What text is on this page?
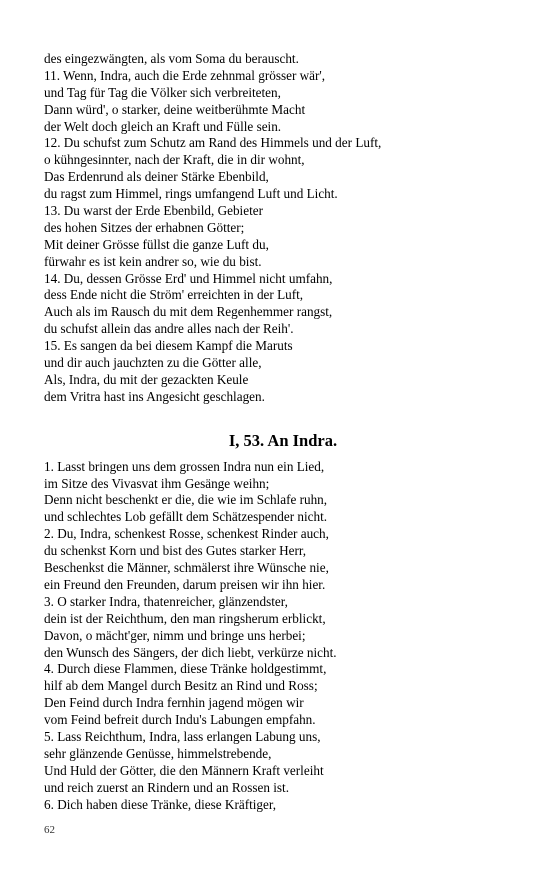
des eingezwängten, als vom Soma du berauscht.
11. Wenn, Indra, auch die Erde zehnmal grösser wär',
und Tag für Tag die Völker sich verbreiteten,
Dann würd', o starker, deine weitberühmte Macht
der Welt doch gleich an Kraft und Fülle sein.
12. Du schufst zum Schutz am Rand des Himmels und der Luft,
o kühngesinnter, nach der Kraft, die in dir wohnt,
Das Erdenrund als deiner Stärke Ebenbild,
du ragst zum Himmel, rings umfangend Luft und Licht.
13. Du warst der Erde Ebenbild, Gebieter
des hohen Sitzes der erhabnen Götter;
Mit deiner Grösse füllst die ganze Luft du,
fürwahr es ist kein andrer so, wie du bist.
14. Du, dessen Grösse Erd' und Himmel nicht umfahn,
dess Ende nicht die Ström' erreichten in der Luft,
Auch als im Rausch du mit dem Regenhemmer rangst,
du schufst allein das andre alles nach der Reih'.
15. Es sangen da bei diesem Kampf die Maruts
und dir auch jauchzten zu die Götter alle,
Als, Indra, du mit der gezackten Keule
dem Vritra hast ins Angesicht geschlagen.
I, 53. An Indra.
1. Lasst bringen uns dem grossen Indra nun ein Lied,
im Sitze des Vivasvat ihm Gesänge weihn;
Denn nicht beschenkt er die, die wie im Schlafe ruhn,
und schlechtes Lob gefällt dem Schätzespender nicht.
2. Du, Indra, schenkest Rosse, schenkest Rinder auch,
du schenkst Korn und bist des Gutes starker Herr,
Beschenkst die Männer, schmälerst ihre Wünsche nie,
ein Freund den Freunden, darum preisen wir ihn hier.
3. O starker Indra, thatenreicher, glänzendster,
dein ist der Reichthum, den man ringsherum erblickt,
Davon, o mächt'ger, nimm und bringe uns herbei;
den Wunsch des Sängers, der dich liebt, verkürze nicht.
4. Durch diese Flammen, diese Tränke holdgestimmt,
hilf ab dem Mangel durch Besitz an Rind und Ross;
Den Feind durch Indra fernhin jagend mögen wir
vom Feind befreit durch Indu's Labungen empfahn.
5. Lass Reichthum, Indra, lass erlangen Labung uns,
sehr glänzende Genüsse, himmelstrebende,
Und Huld der Götter, die den Männern Kraft verleiht
und reich zuerst an Rindern und an Rossen ist.
6. Dich haben diese Tränke, diese Kräftiger,
62
